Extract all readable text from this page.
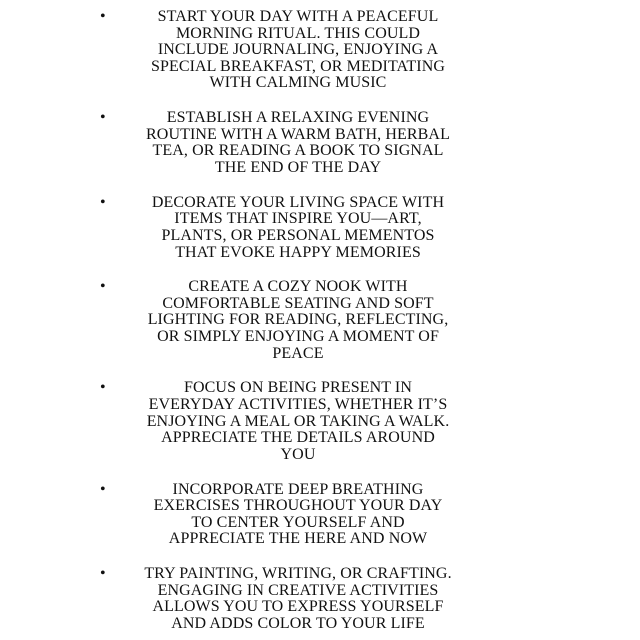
•	START YOUR DAY WITH A PEACEFUL
MORNING RITUAL. THIS COULD
INCLUDE JOURNALING, ENJOYING A
SPECIAL BREAKFAST, OR MEDITATING
WITH CALMING MUSIC
•	ESTABLISH A RELAXING EVENING
ROUTINE WITH A WARM BATH, HERBAL
TEA, OR READING A BOOK TO SIGNAL
THE END OF THE DAY
•	DECORATE YOUR LIVING SPACE WITH
ITEMS THAT INSPIRE YOU—ART,
PLANTS, OR PERSONAL MEMENTOS
THAT EVOKE HAPPY MEMORIES
•	CREATE A COZY NOOK WITH
COMFORTABLE SEATING AND SOFT
LIGHTING FOR READING, REFLECTING,
OR SIMPLY ENJOYING A MOMENT OF
PEACE
•	FOCUS ON BEING PRESENT IN
EVERYDAY ACTIVITIES, WHETHER IT’S
ENJOYING A MEAL OR TAKING A WALK.
APPRECIATE THE DETAILS AROUND
YOU
•	INCORPORATE DEEP BREATHING
EXERCISES THROUGHOUT YOUR DAY
TO CENTER YOURSELF AND
APPRECIATE THE HERE AND NOW
•	TRY PAINTING, WRITING, OR CRAFTING.
ENGAGING IN CREATIVE ACTIVITIES
ALLOWS YOU TO EXPRESS YOURSELF
AND ADDS COLOR TO YOUR LIFE
